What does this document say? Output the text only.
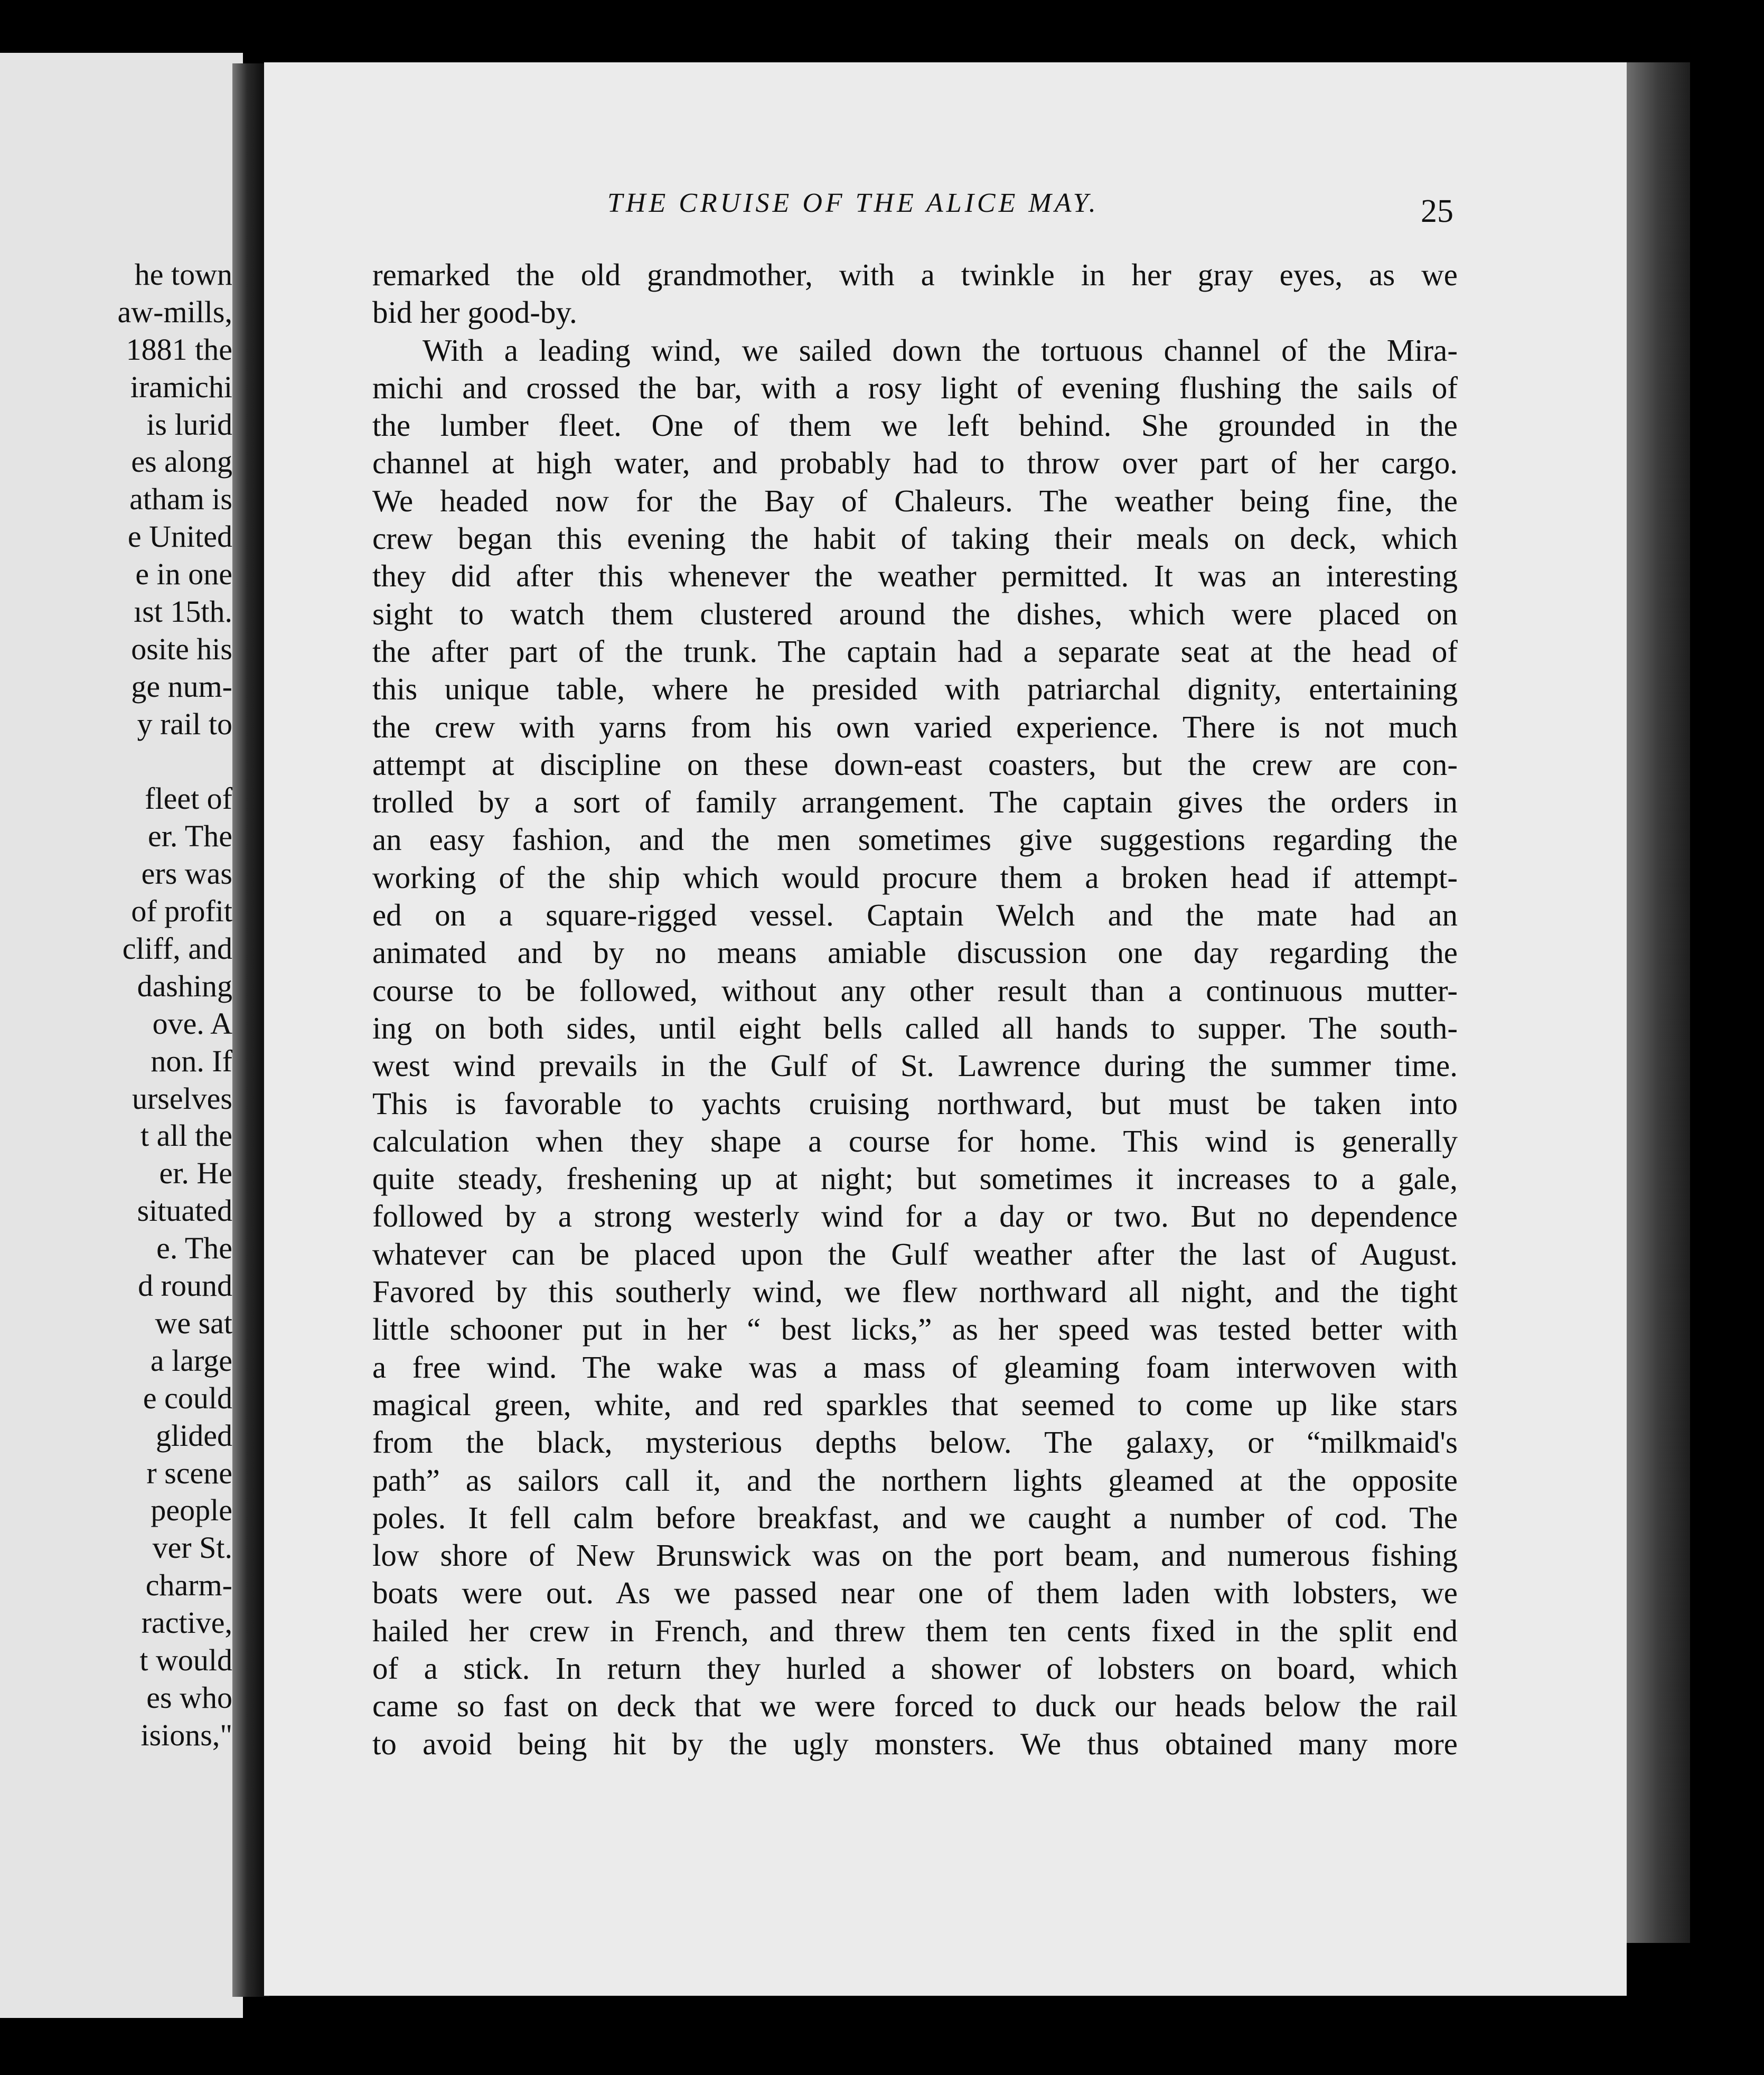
he town
aw-mills,
1881 the
iramichi
is lurid
es along
atham is
e United
e in one
ıst 15th.
osite his
ge num-
y rail to
fleet of
er. The
ers was
of profit
cliff, and
dashing
ove. A
non. If
urselves
t all the
er. He
situated
e. The
d round
we sat
a large
e could
glided
r scene
people
ver St.
charm-
ractive,
t would
es who
isions,"
THE CRUISE OF THE ALICE MAY.	25
remarked the old grandmother, with a twinkle in her gray eyes, as we
bid her good-by.
With a leading wind, we sailed down the tortuous channel of the Mira-
michi and crossed the bar, with a rosy light of evening flushing the sails of
the lumber fleet. One of them we left behind. She grounded in the
channel at high water, and probably had to throw over part of her cargo.
We headed now for the Bay of Chaleurs. The weather being fine, the
crew began this evening the habit of taking their meals on deck, which
they did after this whenever the weather permitted. It was an interesting
sight to watch them clustered around the dishes, which were placed on
the after part of the trunk. The captain had a separate seat at the head of
this unique table, where he presided with patriarchal dignity, entertaining
the crew with yarns from his own varied experience. There is not much
attempt at discipline on these down-east coasters, but the crew are con-
trolled by a sort of family arrangement. The captain gives the orders in
an easy fashion, and the men sometimes give suggestions regarding the
working of the ship which would procure them a broken head if attempt-
ed on a square-rigged vessel. Captain Welch and the mate had an
animated and by no means amiable discussion one day regarding the
course to be followed, without any other result than a continuous mutter-
ing on both sides, until eight bells called all hands to supper. The south-
west wind prevails in the Gulf of St. Lawrence during the summer time.
This is favorable to yachts cruising northward, but must be taken into
calculation when they shape a course for home. This wind is generally
quite steady, freshening up at night; but sometimes it increases to a gale,
followed by a strong westerly wind for a day or two. But no dependence
whatever can be placed upon the Gulf weather after the last of August.
Favored by this southerly wind, we flew northward all night, and the tight
little schooner put in her “ best licks,” as her speed was tested better with
a free wind. The wake was a mass of gleaming foam interwoven with
magical green, white, and red sparkles that seemed to come up like stars
from the black, mysterious depths below. The galaxy, or “milkmaid's
path” as sailors call it, and the northern lights gleamed at the opposite
poles. It fell calm before breakfast, and we caught a number of cod. The
low shore of New Brunswick was on the port beam, and numerous fishing
boats were out. As we passed near one of them laden with lobsters, we
hailed her crew in French, and threw them ten cents fixed in the split end
of a stick. In return they hurled a shower of lobsters on board, which
came so fast on deck that we were forced to duck our heads below the rail
to avoid being hit by the ugly monsters. We thus obtained many more
